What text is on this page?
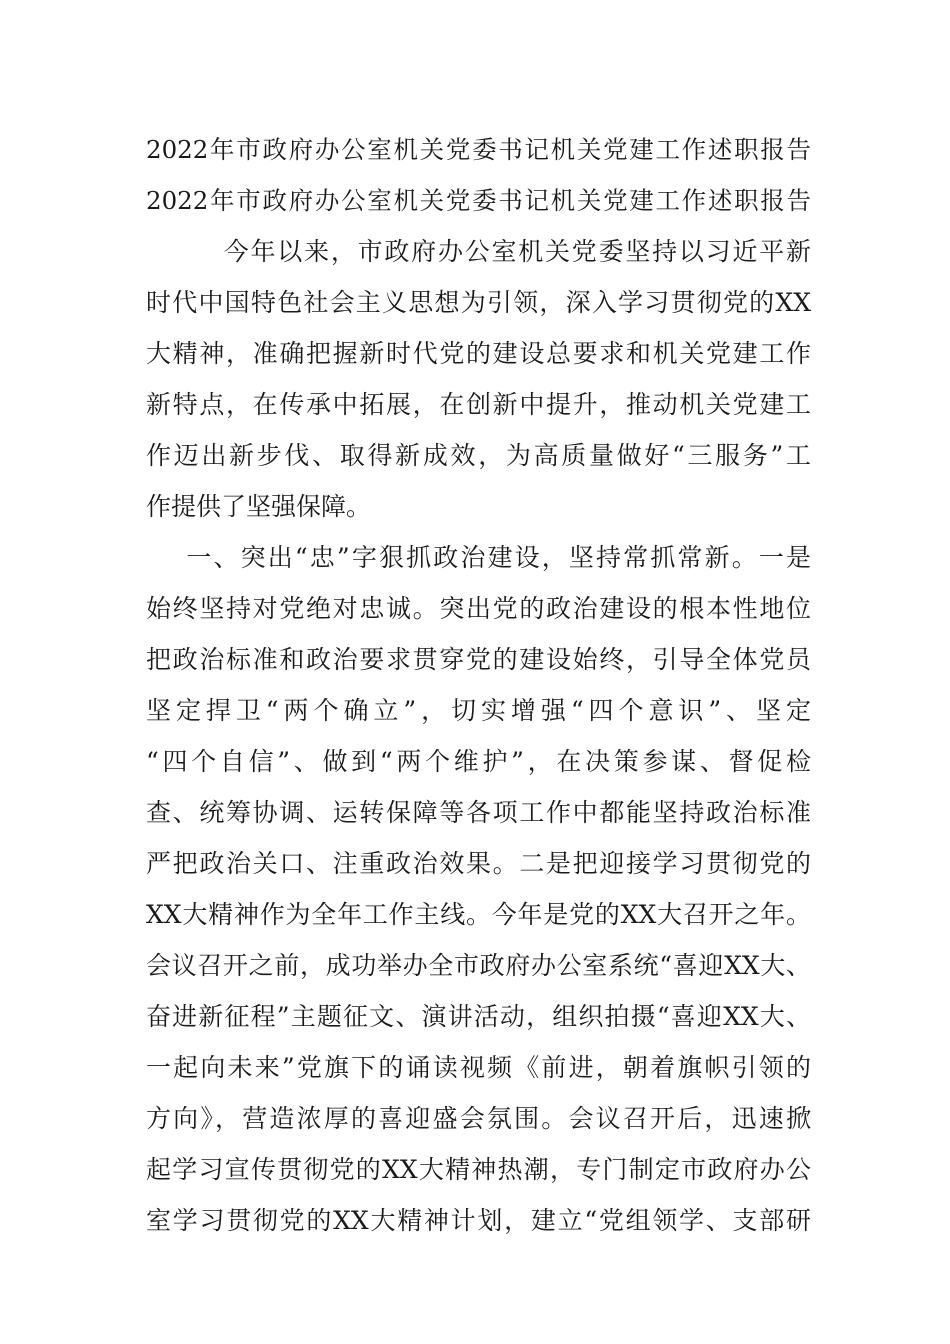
2022年市政府办公室机关党委书记机关党建工作述职报告
2022年市政府办公室机关党委书记机关党建工作述职报告
今年以来，市政府办公室机关党委坚持以习近平新
时代中国特色社会主义思想为引领，深入学习贯彻党的XX
大精神，准确把握新时代党的建设总要求和机关党建工作
新特点，在传承中拓展，在创新中提升，推动机关党建工
作迈出新步伐、取得新成效，为高质量做好“三服务”工
作提供了坚强保障。
一、突出“忠”字狠抓政治建设，坚持常抓常新。一是
始终坚持对党绝对忠诚。突出党的政治建设的根本性地位
把政治标准和政治要求贯穿党的建设始终，引导全体党员
坚定捍卫“两个确立”，切实增强“四个意识”、坚定
“四个自信”、做到“两个维护”，在决策参谋、督促检
查、统筹协调、运转保障等各项工作中都能坚持政治标准
严把政治关口、注重政治效果。二是把迎接学习贯彻党的
XX大精神作为全年工作主线。今年是党的XX大召开之年。
会议召开之前，成功举办全市政府办公室系统“喜迎XX大、
奋进新征程”主题征文、演讲活动，组织拍摄“喜迎XX大、
一起向未来”党旗下的诵读视频《前进，朝着旗帜引领的
方向》，营造浓厚的喜迎盛会氛围。会议召开后，迅速掀
起学习宣传贯彻党的XX大精神热潮，专门制定市政府办公
室学习贯彻党的XX大精神计划，建立“党组领学、支部研
